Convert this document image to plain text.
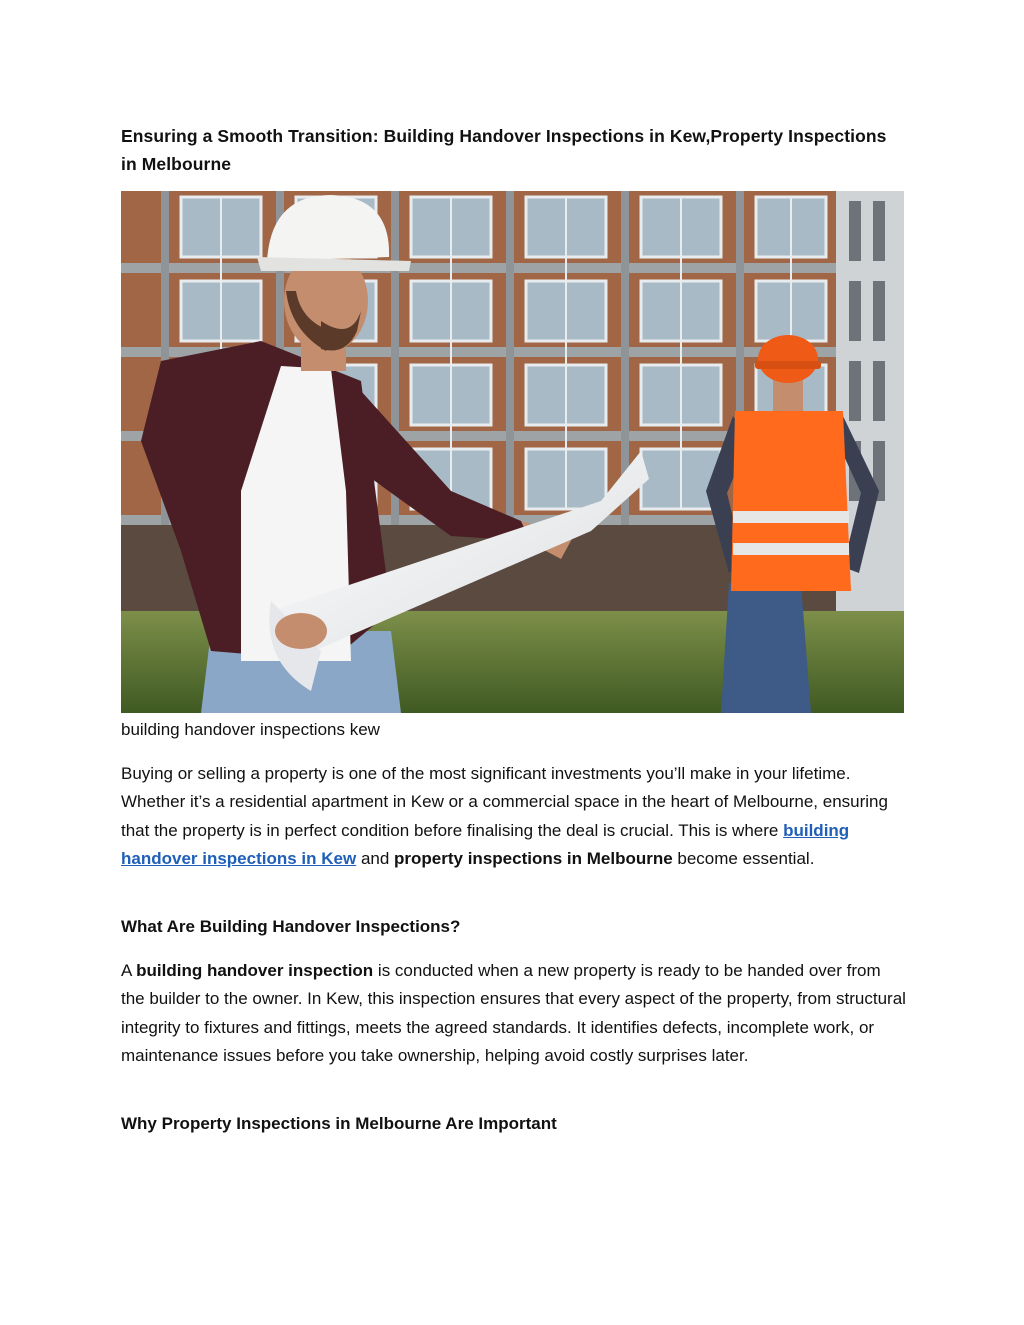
Ensuring a Smooth Transition: Building Handover Inspections in Kew,Property Inspections in Melbourne

building handover inspections kew

Buying or selling a property is one of the most significant investments you’ll make in your lifetime. Whether it’s a residential apartment in Kew or a commercial space in the heart of Melbourne, ensuring that the property is in perfect condition before finalising the deal is crucial. This is where building handover inspections in Kew and property inspections in Melbourne become essential.

What Are Building Handover Inspections?

A building handover inspection is conducted when a new property is ready to be handed over from the builder to the owner. In Kew, this inspection ensures that every aspect of the property, from structural integrity to fixtures and fittings, meets the agreed standards. It identifies defects, incomplete work, or maintenance issues before you take ownership, helping avoid costly surprises later.

Why Property Inspections in Melbourne Are Important
